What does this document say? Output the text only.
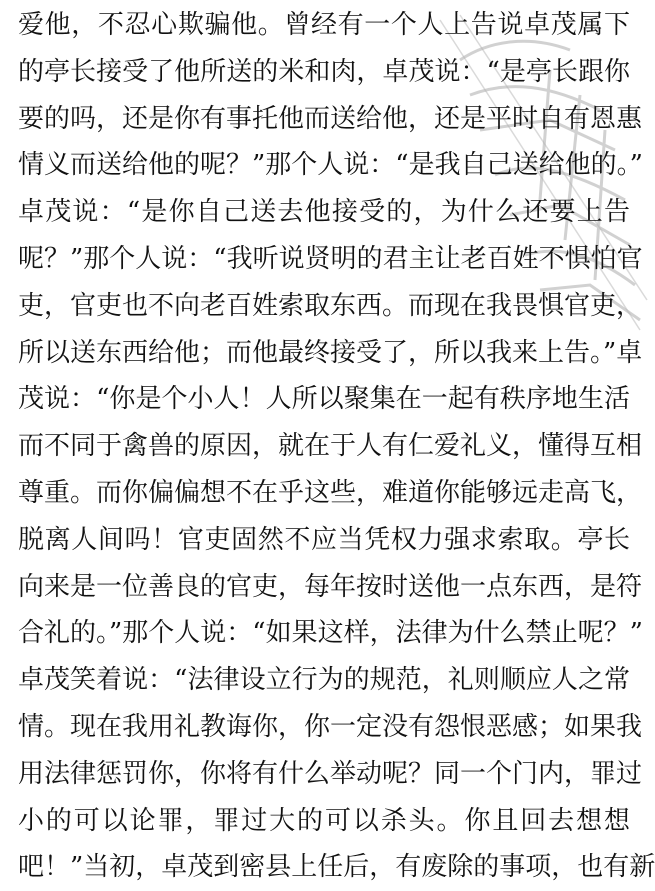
爱他，不忍心欺骗他。曾经有一个人上告说卓茂属下
的亭长接受了他所送的米和肉，卓茂说：“是亭长跟你
要的吗，还是你有事托他而送给他，还是平时自有恩惠
情义而送给他的呢？”那个人说：“是我自己送给他的。”
卓茂说：“是你自己送去他接受的，为什么还要上告
呢？”那个人说：“我听说贤明的君主让老百姓不惧怕官
吏，官吏也不向老百姓索取东西。而现在我畏惧官吏，
所以送东西给他；而他最终接受了，所以我来上告。”卓
茂说：“你是个小人！人所以聚集在一起有秩序地生活
而不同于禽兽的原因，就在于人有仁爱礼义，懂得互相
尊重。而你偏偏想不在乎这些，难道你能够远走高飞，
脱离人间吗！官吏固然不应当凭权力强求索取。亭长
向来是一位善良的官吏，每年按时送他一点东西，是符
合礼的。”那个人说：“如果这样，法律为什么禁止呢？”
卓茂笑着说：“法律设立行为的规范，礼则顺应人之常
情。现在我用礼教诲你，你一定没有怨恨恶感；如果我
用法律惩罚你，你将有什么举动呢？同一个门内，罪过
小的可以论罪，罪过大的可以杀头。你且回去想想
吧！”当初，卓茂到密县上任后，有废除的事项，也有新
